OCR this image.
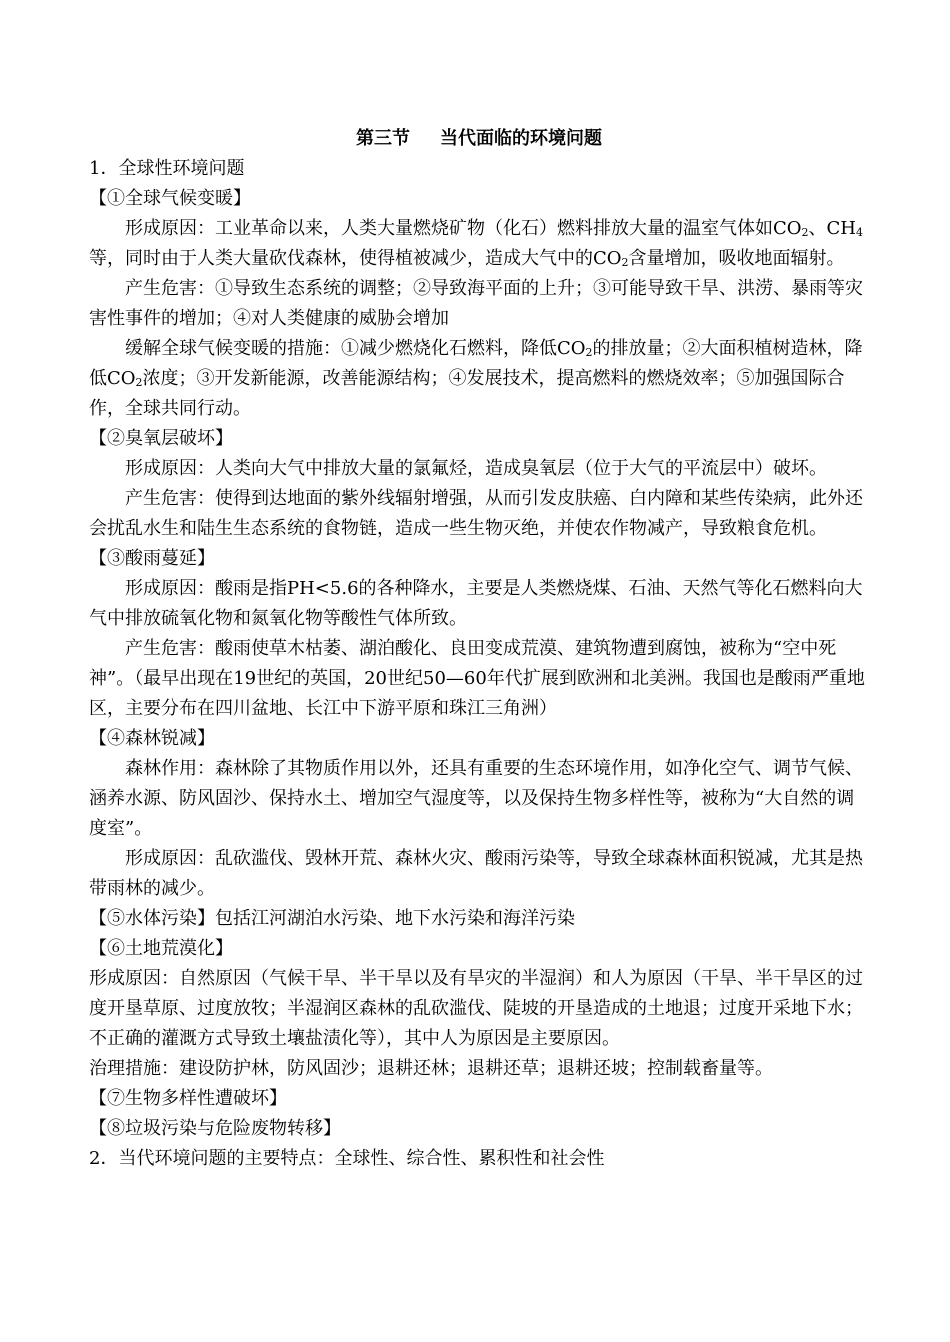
第三节 当代面临的环境问题

1．全球性环境问题

【①全球气候变暖】

形成原因：工业革命以来，人类大量燃烧矿物（化石）燃料排放大量的温室气体如$CO_2$、$CH_4$等，同时由于人类大量砍伐森林，使得植被减少，造成大气中的$CO_2$含量增加，吸收地面辐射。

产生危害：①导致生态系统的调整；②导致海平面的上升；③可能导致干旱、洪涝、暴雨等灾害性事件的增加；④对人类健康的威胁会增加

缓解全球气候变暖的措施：①减少燃烧化石燃料，降低$CO_2$的排放量；②大面积植树造林，降低$CO_2$浓度；③开发新能源，改善能源结构；④发展技术，提高燃料的燃烧效率；⑤加强国际合作，全球共同行动。

【②臭氧层破坏】

形成原因：人类向大气中排放大量的氯氟烃，造成臭氧层（位于大气的平流层中）破坏。

产生危害：使得到达地面的紫外线辐射增强，从而引发皮肤癌、白内障和某些传染病，此外还会扰乱水生和陆生生态系统的食物链，造成一些生物灭绝，并使农作物减产，导致粮食危机。

【③酸雨蔓延】

形成原因：酸雨是指PH<5.6的各种降水，主要是人类燃烧煤、石油、天然气等化石燃料向大气中排放硫氧化物和氮氧化物等酸性气体所致。

产生危害：酸雨使草木枯萎、湖泊酸化、良田变成荒漠、建筑物遭到腐蚀，被称为“空中死神”。（最早出现在19世纪的英国，20世纪50—60年代扩展到欧洲和北美洲。我国也是酸雨严重地区，主要分布在四川盆地、长江中下游平原和珠江三角洲）

【④森林锐减】

森林作用：森林除了其物质作用以外，还具有重要的生态环境作用，如净化空气、调节气候、涵养水源、防风固沙、保持水土、增加空气湿度等，以及保持生物多样性等，被称为“大自然的调度室”。

形成原因：乱砍滥伐、毁林开荒、森林火灾、酸雨污染等，导致全球森林面积锐减，尤其是热带雨林的减少。

【⑤水体污染】包括江河湖泊水污染、地下水污染和海洋污染

【⑥土地荒漠化】

形成原因：自然原因（气候干旱、半干旱以及有旱灾的半湿润）和人为原因（干旱、半干旱区的过度开垦草原、过度放牧；半湿润区森林的乱砍滥伐、陡坡的开垦造成的土地退；过度开采地下水；不正确的灌溉方式导致土壤盐渍化等），其中人为原因是主要原因。

治理措施：建设防护林，防风固沙；退耕还林；退耕还草；退耕还坡；控制载畜量等。

【⑦生物多样性遭破坏】

【⑧垃圾污染与危险废物转移】

2．当代环境问题的主要特点：全球性、综合性、累积性和社会性
